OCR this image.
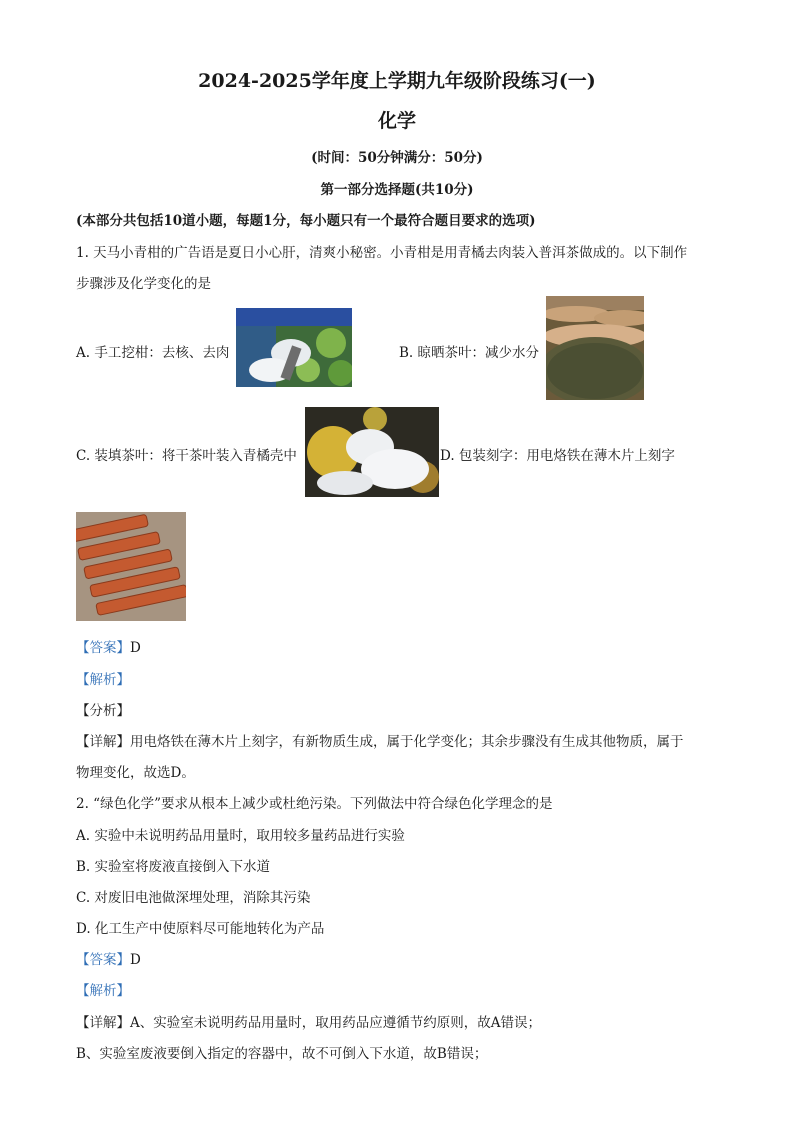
2024-2025学年度上学期九年级阶段练习(一)
化学
(时间：50分钟满分：50分)
第一部分选择题(共10分)
(本部分共包括10道小题，每题1分，每小题只有一个最符合题目要求的选项)
1. 天马小青柑的广告语是夏日小心肝，清爽小秘密。小青柑是用青橘去肉装入普洱茶做成的。以下制作
步骤涉及化学变化的是
A. 手工挖柑：去核、去肉	B. 晾晒茶叶：减少水分
C. 装填茶叶：将干茶叶装入青橘壳中	D. 包装刻字：用电烙铁在薄木片上刻字
【答案】D
【解析】
【分析】
【详解】用电烙铁在薄木片上刻字，有新物质生成，属于化学变化；其余步骤没有生成其他物质，属于
物理变化，故选D。
2. “绿色化学”要求从根本上减少或杜绝污染。下列做法中符合绿色化学理念的是
A. 实验中未说明药品用量时，取用较多量药品进行实验
B. 实验室将废液直接倒入下水道
C. 对废旧电池做深埋处理，消除其污染
D. 化工生产中使原料尽可能地转化为产品
【答案】D
【解析】
【详解】A、实验室未说明药品用量时，取用药品应遵循节约原则，故A错误；
B、实验室废液要倒入指定的容器中，故不可倒入下水道，故B错误；
